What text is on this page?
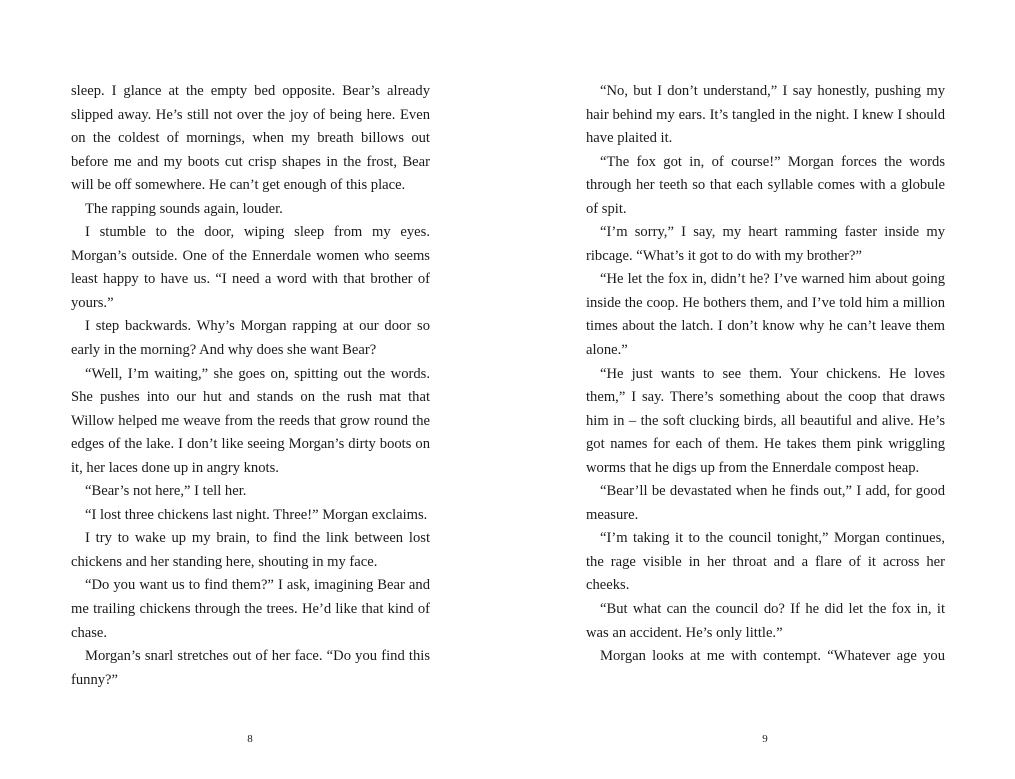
sleep. I glance at the empty bed opposite. Bear’s already slipped away. He’s still not over the joy of being here. Even on the coldest of mornings, when my breath billows out before me and my boots cut crisp shapes in the frost, Bear will be off somewhere. He can’t get enough of this place.

The rapping sounds again, louder.

I stumble to the door, wiping sleep from my eyes. Morgan’s outside. One of the Ennerdale women who seems least happy to have us. “I need a word with that brother of yours.”

I step backwards. Why’s Morgan rapping at our door so early in the morning? And why does she want Bear?

“Well, I’m waiting,” she goes on, spitting out the words. She pushes into our hut and stands on the rush mat that Willow helped me weave from the reeds that grow round the edges of the lake. I don’t like seeing Morgan’s dirty boots on it, her laces done up in angry knots.

“Bear’s not here,” I tell her.

“I lost three chickens last night. Three!” Morgan exclaims.

I try to wake up my brain, to find the link between lost chickens and her standing here, shouting in my face.

“Do you want us to find them?” I ask, imagining Bear and me trailing chickens through the trees. He’d like that kind of chase.

Morgan’s snarl stretches out of her face. “Do you find this funny?”

“No, but I don’t understand,” I say honestly, pushing my hair behind my ears. It’s tangled in the night. I knew I should have plaited it.

“The fox got in, of course!” Morgan forces the words through her teeth so that each syllable comes with a globule of spit.

“I’m sorry,” I say, my heart ramming faster inside my ribcage. “What’s it got to do with my brother?”

“He let the fox in, didn’t he? I’ve warned him about going inside the coop. He bothers them, and I’ve told him a million times about the latch. I don’t know why he can’t leave them alone.”

“He just wants to see them. Your chickens. He loves them,” I say. There’s something about the coop that draws him in – the soft clucking birds, all beautiful and alive. He’s got names for each of them. He takes them pink wriggling worms that he digs up from the Ennerdale compost heap.

“Bear’ll be devastated when he finds out,” I add, for good measure.

“I’m taking it to the council tonight,” Morgan continues, the rage visible in her throat and a flare of it across her cheeks.

“But what can the council do? If he did let the fox in, it was an accident. He’s only little.”

Morgan looks at me with contempt. “Whatever age you

8	9
